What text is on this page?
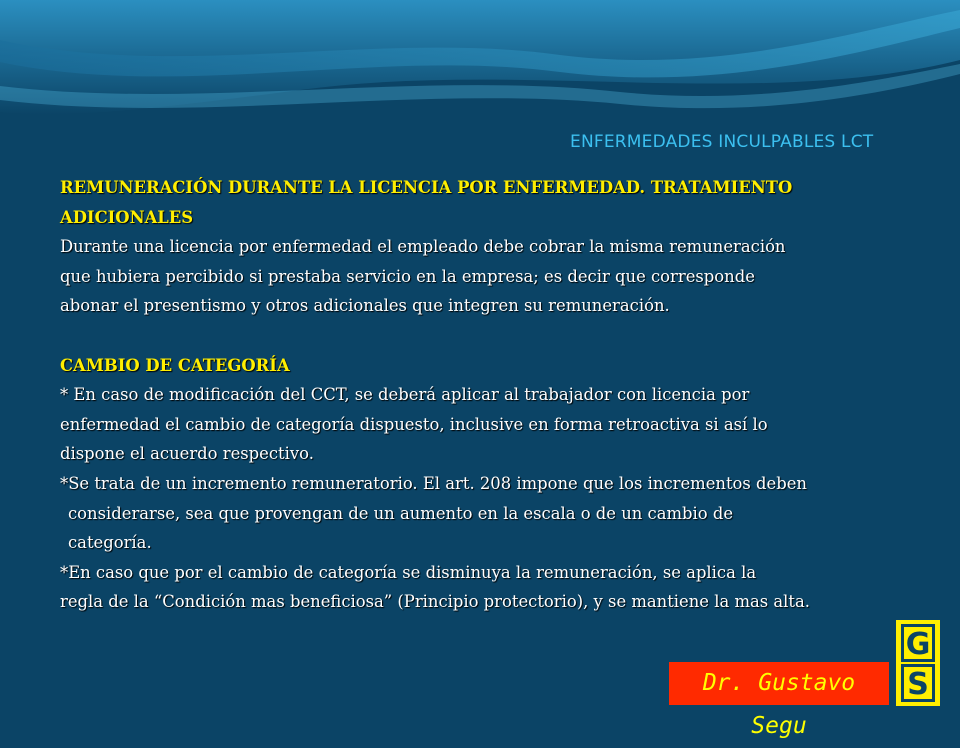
ENFERMEDADES INCULPABLES LCT

REMUNERACIÓN DURANTE LA LICENCIA POR ENFERMEDAD. TRATAMIENTO

ADICIONALES

Durante una licencia por enfermedad el empleado debe cobrar la misma remuneración

que hubiera percibido si prestaba servicio en la empresa; es decir que corresponde

abonar el presentismo y otros adicionales que integren su remuneración.

CAMBIO DE CATEGORÍA

* En caso de modificación del CCT, se deberá aplicar al trabajador con licencia por

enfermedad el cambio de categoría dispuesto, inclusive en forma retroactiva si así lo

dispone el acuerdo respectivo.

*Se trata de un incremento remuneratorio. El art. 208 impone que los incrementos deben

considerarse, sea que provengan de un aumento en la escala o de un cambio de

categoría.

*En caso que por el cambio de categoría se disminuya la remuneración, se aplica la

regla de la “Condición mas beneficiosa” (Principio protectorio), y se mantiene la mas alta.

Dr. Gustavo Segu
G
S
